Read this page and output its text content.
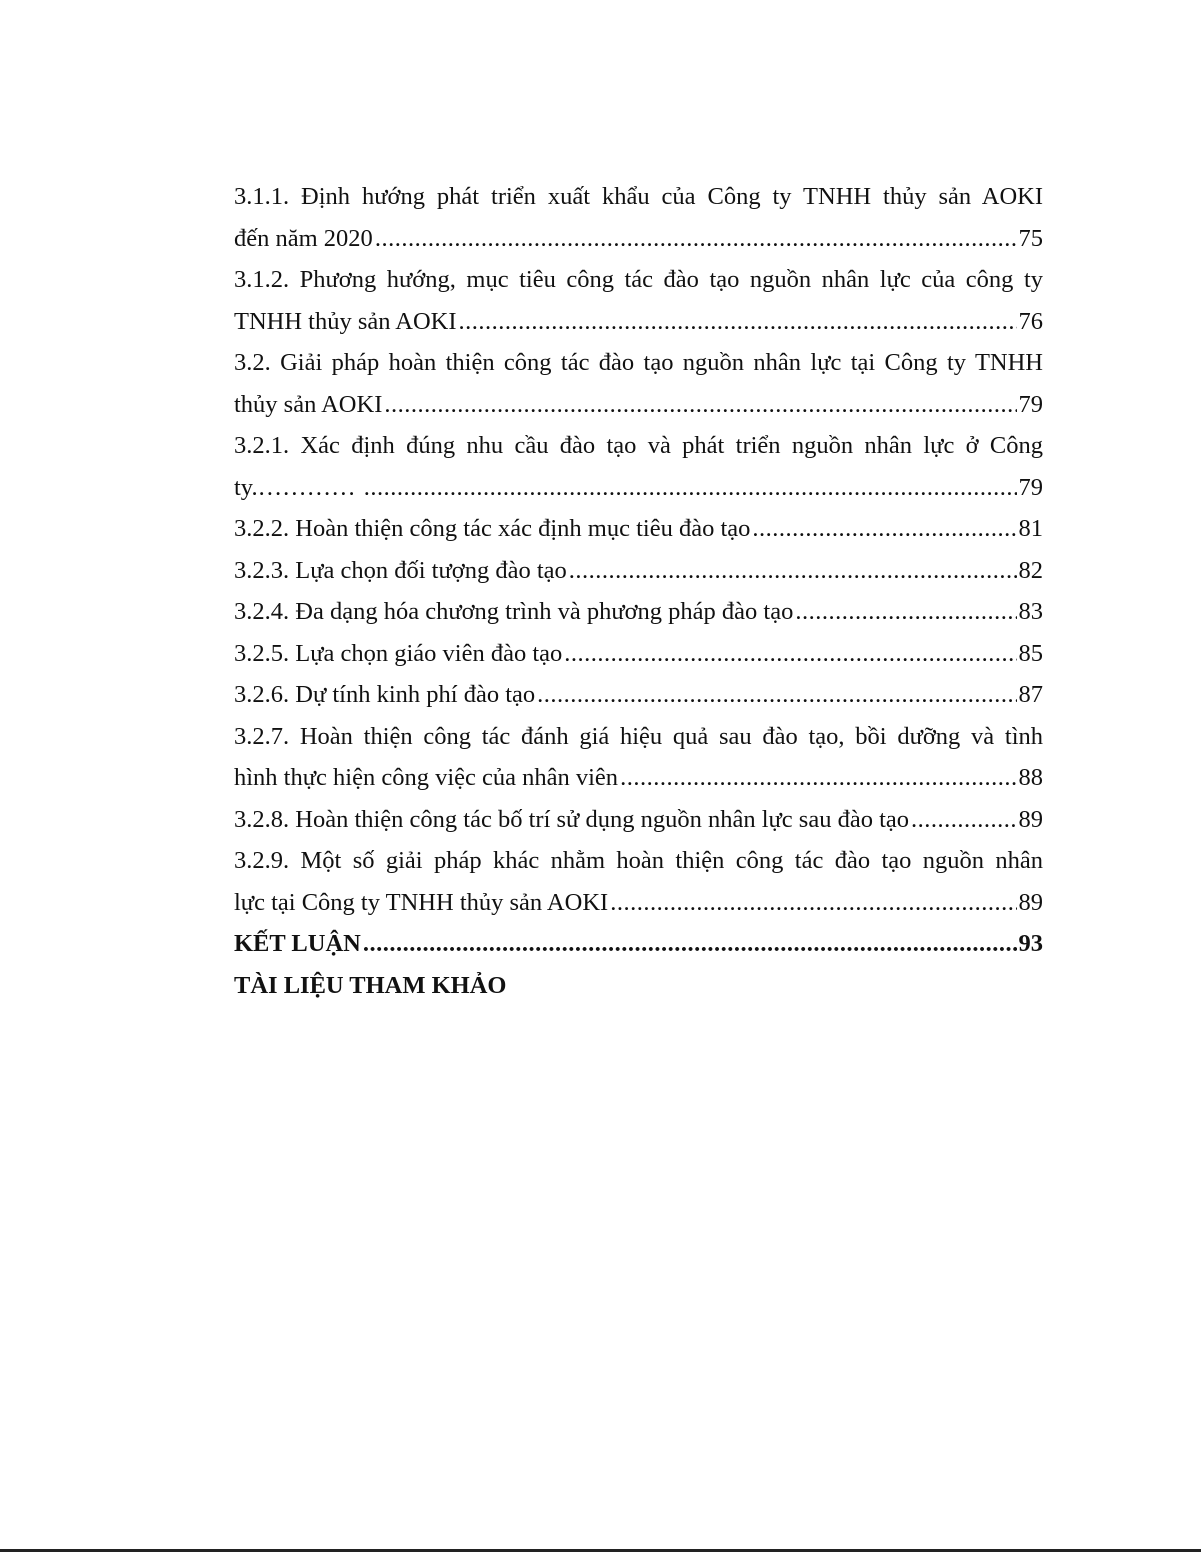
3.1.1. Định hướng phát triển xuất khẩu của Công ty TNHH thủy sản AOKI
đến năm 2020 .....	75
3.1.2. Phương hướng, mục tiêu công tác đào tạo nguồn nhân lực của công ty
TNHH thủy sản AOKI .....	76
3.2. Giải pháp hoàn thiện công tác đào tạo nguồn nhân lực tại Công ty TNHH
thủy sản AOKI .....	79
3.2.1. Xác định đúng nhu cầu đào tạo và phát triển nguồn nhân lực ở Công
ty.………… .....	79
3.2.2. Hoàn thiện công tác xác định mục tiêu đào tạo .....	81
3.2.3. Lựa chọn đối tượng đào tạo .....	82
3.2.4. Đa dạng hóa chương trình và phương pháp đào tạo .....	83
3.2.5. Lựa chọn giáo viên đào tạo .....	85
3.2.6. Dự tính kinh phí đào tạo .....	87
3.2.7. Hoàn thiện công tác đánh giá hiệu quả sau đào tạo, bồi dưỡng và tình
hình thực hiện công việc của nhân viên .....	88
3.2.8. Hoàn thiện công tác bố trí sử dụng nguồn nhân lực sau đào tạo .....	89
3.2.9. Một số giải pháp khác nhằm hoàn thiện công tác đào tạo nguồn nhân
lực tại Công ty TNHH thủy sản AOKI .....	89
KẾT LUẬN .....	93
TÀI LIỆU THAM KHẢO
